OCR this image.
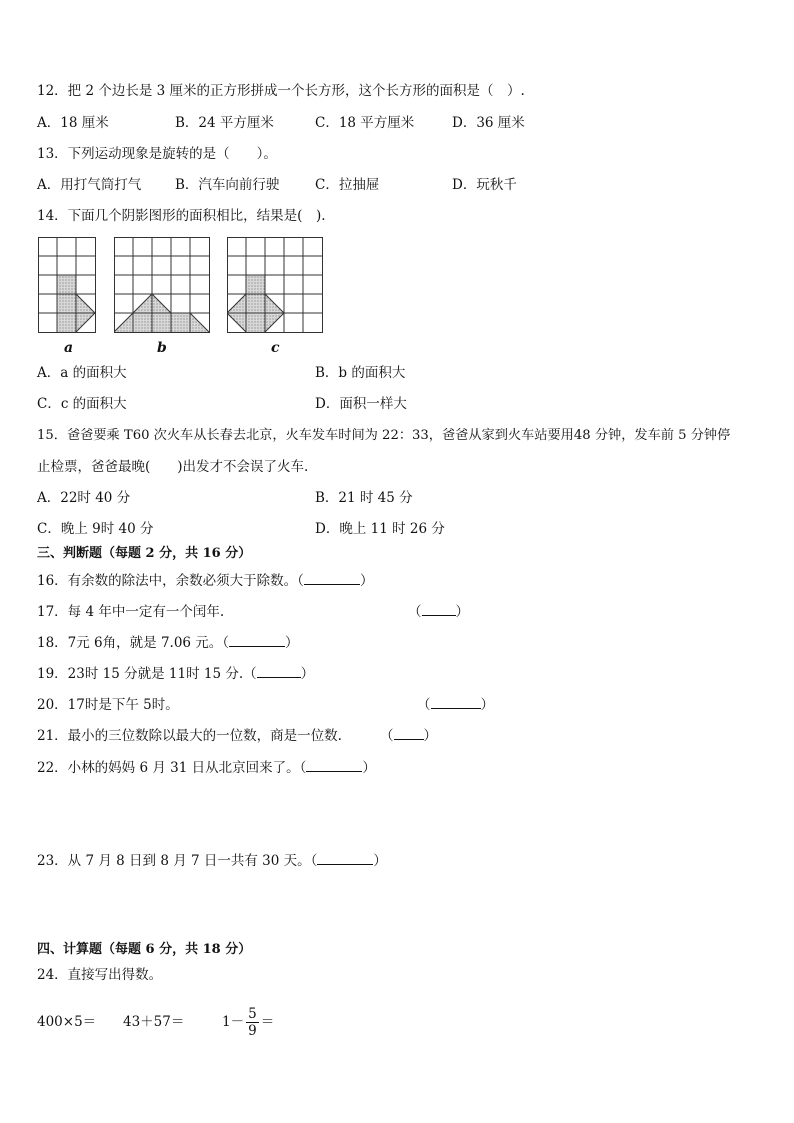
12．把 2 个边长是 3 厘米的正方形拼成一个长方形，这个长方形的面积是（　）.
A．18 厘米	B．24 平方厘米	C．18 平方厘米	D．36 厘米
13．下列运动现象是旋转的是（　　）。
A．用打气筒打气	B．汽车向前行驶	C．拉抽屉	D．玩秋千
14．下面几个阴影图形的面积相比，结果是(　).
a	b	c
A．a 的面积大	B．b 的面积大
C．c 的面积大	D．面积一样大
15．爸爸要乘 T60 次火车从长春去北京，火车发车时间为 22：33，爸爸从家到火车站要用48 分钟，发车前 5 分钟停
止检票，爸爸最晚(　　)出发才不会误了火车.
A．22时 40 分	B．21 时 45 分
C．晚上 9时 40 分	D．晚上 11 时 26 分
三、判断题（每题 2 分，共 16 分）
16．有余数的除法中，余数必须大于除数。（	）
17．每 4 年中一定有一个闰年.	（	）
18．7元 6角，就是 7.06 元。（	）
19．23时 15 分就是 11时 15 分.（	）
20．17时是下午 5时。	（	）
21．最小的三位数除以最大的一位数，商是一位数.	（ ）
22．小林的妈妈 6 月 31 日从北京回来了。（	）
23．从 7 月 8 日到 8 月 7 日一共有 30 天。（	）
四、计算题（每题 6 分，共 18 分）
24．直接写出得数。
400×5＝ 43＋57＝	$1- \frac{5}{9}$ ＝
